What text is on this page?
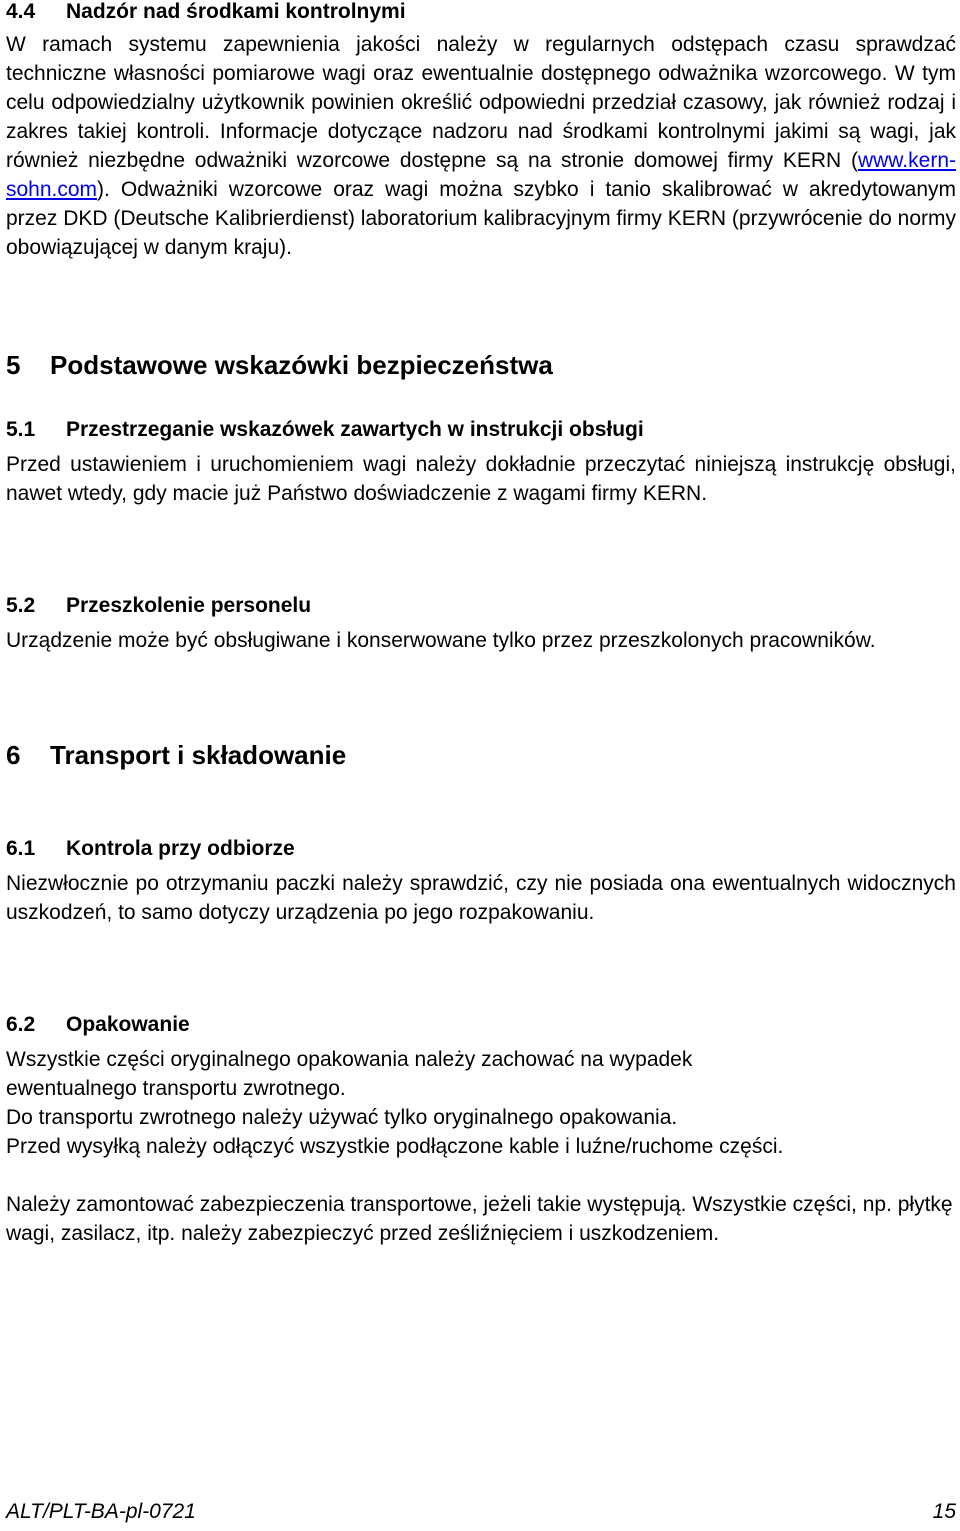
4.4	Nadzór nad środkami kontrolnymi

W ramach systemu zapewnienia jakości należy w regularnych odstępach czasu sprawdzać techniczne własności pomiarowe wagi oraz ewentualnie dostępnego odważnika wzorcowego. W tym celu odpowiedzialny użytkownik powinien określić odpowiedni przedział czasowy, jak również rodzaj i zakres takiej kontroli. Informacje dotyczące nadzoru nad środkami kontrolnymi jakimi są wagi, jak również niezbędne odważniki wzorcowe dostępne są na stronie domowej firmy KERN (www.kern-sohn.com). Odważniki wzorcowe oraz wagi można szybko i tanio skalibrować w akredytowanym przez DKD (Deutsche Kalibrierdienst) laboratorium kalibracyjnym firmy KERN (przywrócenie do normy obowiązującej w danym kraju).

5	Podstawowe wskazówki bezpieczeństwa
5.1	Przestrzeganie wskazówek zawartych w instrukcji obsługi

Przed ustawieniem i uruchomieniem wagi należy dokładnie przeczytać niniejszą instrukcję obsługi, nawet wtedy, gdy macie już Państwo doświadczenie z wagami firmy KERN.

5.2	Przeszkolenie personelu

Urządzenie może być obsługiwane i konserwowane tylko przez przeszkolonych pracowników.

6	Transport i składowanie
6.1	Kontrola przy odbiorze

Niezwłocznie po otrzymaniu paczki należy sprawdzić, czy nie posiada ona ewentualnych widocznych uszkodzeń, to samo dotyczy urządzenia po jego rozpakowaniu.

6.2	Opakowanie

Wszystkie części oryginalnego opakowania należy zachować na wypadek

ewentualnego transportu zwrotnego.

Do transportu zwrotnego należy używać tylko oryginalnego opakowania.

Przed wysyłką należy odłączyć wszystkie podłączone kable i luźne/ruchome części.

Należy zamontować zabezpieczenia transportowe, jeżeli takie występują. Wszystkie części, np. płytkę wagi, zasilacz, itp. należy zabezpieczyć przed ześliźnięciem i uszkodzeniem.

ALT/PLT-BA-pl-0721	15
